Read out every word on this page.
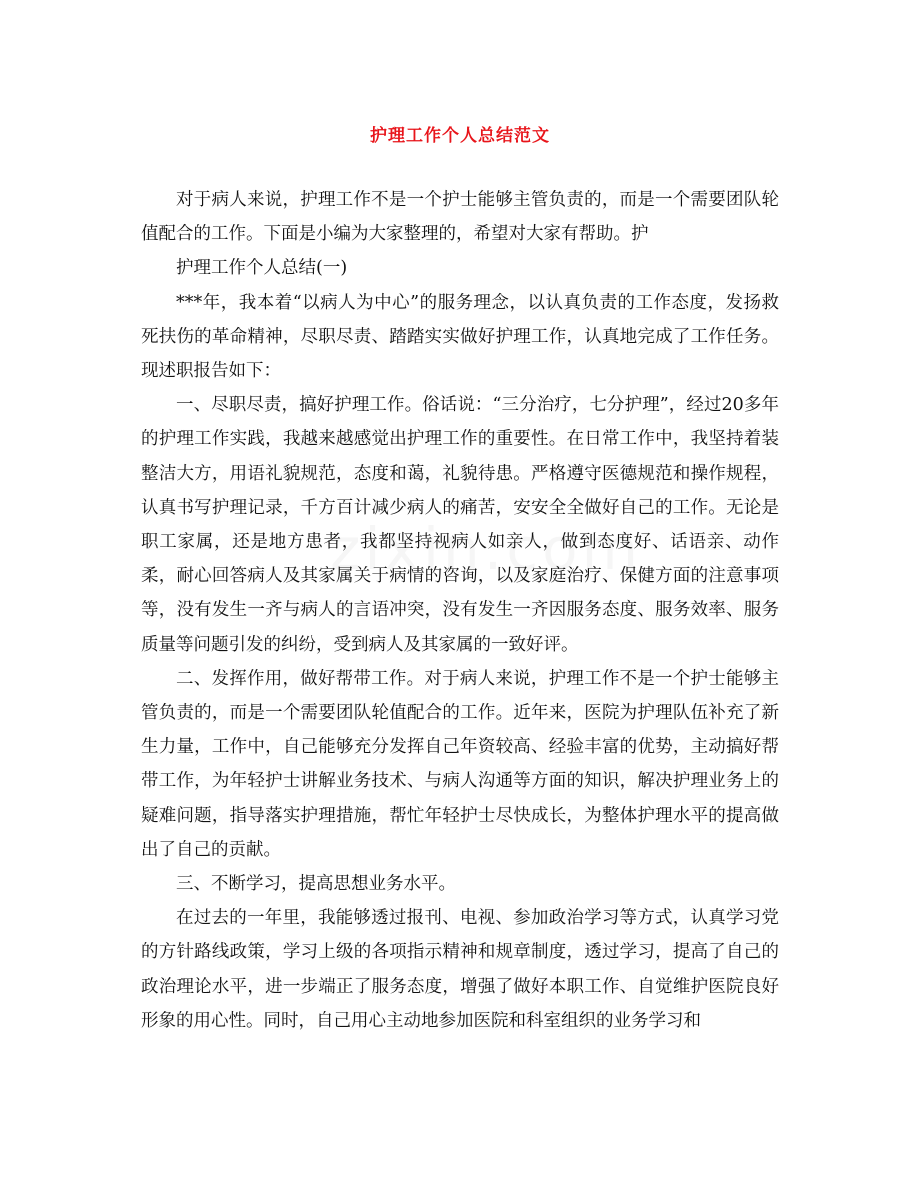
护理工作个人总结范文

对于病人来说，护理工作不是一个护士能够主管负责的，而是一个需要团队轮值配合的工作。下面是小编为大家整理的，希望对大家有帮助。护

护理工作个人总结(一)

***年，我本着“以病人为中心”的服务理念，以认真负责的工作态度，发扬救死扶伤的革命精神，尽职尽责、踏踏实实做好护理工作，认真地完成了工作任务。现述职报告如下：

一、尽职尽责，搞好护理工作。俗话说：“三分治疗，七分护理”，经过20多年的护理工作实践，我越来越感觉出护理工作的重要性。在日常工作中，我坚持着装整洁大方，用语礼貌规范，态度和蔼，礼貌待患。严格遵守医德规范和操作规程，认真书写护理记录，千方百计减少病人的痛苦，安安全全做好自己的工作。无论是职工家属，还是地方患者，我都坚持视病人如亲人，做到态度好、话语亲、动作柔，耐心回答病人及其家属关于病情的咨询，以及家庭治疗、保健方面的注意事项等，没有发生一齐与病人的言语冲突，没有发生一齐因服务态度、服务效率、服务质量等问题引发的纠纷，受到病人及其家属的一致好评。

二、发挥作用，做好帮带工作。对于病人来说，护理工作不是一个护士能够主管负责的，而是一个需要团队轮值配合的工作。近年来，医院为护理队伍补充了新生力量，工作中，自己能够充分发挥自己年资较高、经验丰富的优势，主动搞好帮带工作，为年轻护士讲解业务技术、与病人沟通等方面的知识，解决护理业务上的疑难问题，指导落实护理措施，帮忙年轻护士尽快成长，为整体护理水平的提高做出了自己的贡献。

三、不断学习，提高思想业务水平。

在过去的一年里，我能够透过报刊、电视、参加政治学习等方式，认真学习党的方针路线政策，学习上级的各项指示精神和规章制度，透过学习，提高了自己的政治理论水平，进一步端正了服务态度，增强了做好本职工作、自觉维护医院良好形象的用心性。同时，自己用心主动地参加医院和科室组织的业务学习和
